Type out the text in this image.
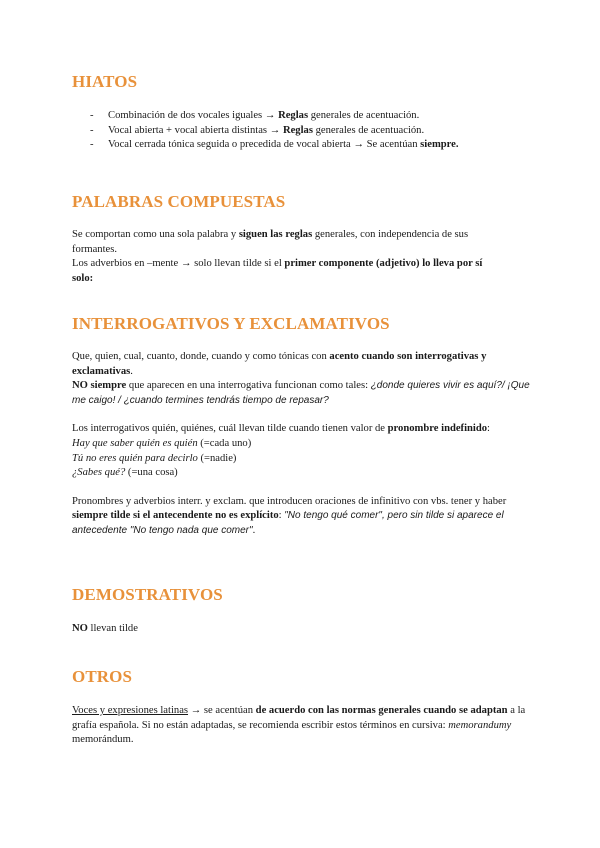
HIATOS
- Combinación de dos vocales iguales → Reglas generales de acentuación.
- Vocal abierta + vocal abierta distintas → Reglas generales de acentuación.
- Vocal cerrada tónica seguida o precedida de vocal abierta → Se acentúan siempre.
PALABRAS COMPUESTAS

Se comportan como una sola palabra y siguen las reglas generales, con independencia de sus formantes.

Los adverbios en –mente → solo llevan tilde si el primer componente (adjetivo) lo lleva por sí solo:

INTERROGATIVOS Y EXCLAMATIVOS

Que, quien, cual, cuanto, donde, cuando y como tónicas con acento cuando son interrogativas y exclamativas.

NO siempre que aparecen en una interrogativa funcionan como tales: ¿donde quieres vivir es aquí?/ ¡Que me caigo! / ¿cuando termines tendrás tiempo de repasar?

Los interrogativos quién, quiénes, cuál llevan tilde cuando tienen valor de pronombre indefinido:

Hay que saber quién es quién (=cada uno)

Tú no eres quién para decirlo (=nadie)

¿Sabes qué? (=una cosa)

Pronombres y adverbios interr. y exclam. que introducen oraciones de infinitivo con vbs. tener y haber siempre tilde si el antecendente no es explícito: "No tengo qué comer", pero sin tilde si aparece el antecedente "No tengo nada que comer".

DEMOSTRATIVOS

NO llevan tilde

OTROS

Voces y expresiones latinas → se acentúan de acuerdo con las normas generales cuando se adaptan a la grafía española. Si no están adaptadas, se recomienda escribir estos términos en cursiva: memorandumy memorándum.
